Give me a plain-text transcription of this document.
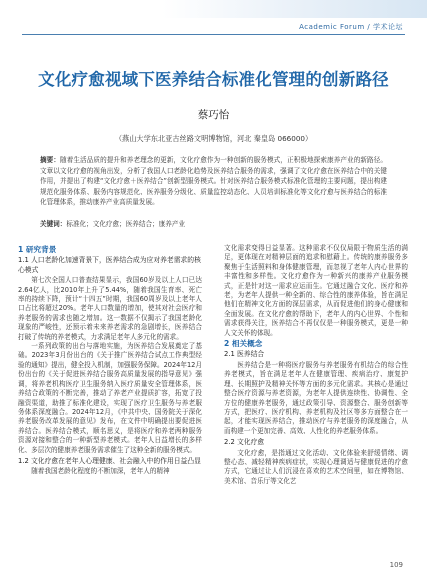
Academic Forum / 学术论坛
文化疗愈视域下医养结合标准化管理的创新路径
蔡巧怡
（燕山大学东北亚古丝路文明博物馆，河北 秦皇岛 066000）

摘要：随着生活品质的提升和养老理念的更新，文化疗愈作为一种创新的服务模式，正积极地探索康养产业的新路径。文章以文化疗愈的视角出发，分析了我国人口老龄化趋势及医养结合服务的需求，强调了文化疗愈在医养结合中的关键作用，并提出了构建“文化疗愈＋医养结合”创新型服务模式。针对医养结合服务模式标准化管理的主要问题，提出构建规范化服务体系、服务内容规范化、医养服务分级化、质量监控动态化、人员培训标准化等文化疗愈与医养结合的标准化管理体系，推动康养产业高质量发展。

关键词：标准化；文化疗愈；医养结合；康养产业
1 研究背景
1.1 人口老龄化加速背景下，医养结合成为应对养老需求的核心模式

第七次全国人口普查结果显示，我国60岁及以上人口已达2.64亿人，比2010年上升了5.44%，随着我国生育率、死亡率的持续下降，预计“十四五”时期，我国60周岁及以上老年人口占比将超过20%。老年人口数量的增加，使其对社会医疗和养老服务的需求也随之增加。这一数据不仅揭示了我国老龄化现象的严峻性，还预示着未来养老需求的急剧增长，医养结合打破了传统的养老模式，力求满足老年人多元化的需求。

一系列政策的出台与落地实施，为医养结合发展奠定了基础。2023年3月份出台的《关于推广医养结合试点工作典型经验的通知》提出，健全投入机制，加强服务保障。2024年12月份出台的《关于促进医养结合服务高质量发展的指导意见》强调，将养老机构医疗卫生服务纳入医疗质量安全管理体系，医养结合政策的不断完善，推动了养老产业提质扩容，拓宽了投融资渠道，助推了标准化建设，实现了医疗卫生服务与养老服务体系深度融合。2024年12月，《中共中央、国务院关于深化养老服务改革发展的意见》发布，在文件中明确提出要促进医养结合。医养结合模式，顺名思义，是将医疗和养老两种服务资源对接和整合的一种新型养老模式。老年人日益增长的多样化、多层次的健康养老服务需求催生了这种全新的服务模式。

1.2 文化疗愈在老年人心理健康、社会融入中的作用日益凸显

随着我国老龄化程度的不断加深，老年人的精神

文化需求变得日益显著。这种需求不仅仅局限于物质生活的满足，更体现在对精神层面的追求和慰藉上。传统的康养服务多聚焦于生活照料和身体健康管理，而忽视了老年人内心世界的丰富性和多样性。文化疗愈作为一种新兴的康养产业服务模式，正是针对这一需求应运而生。它通过融合文化、医疗和养老，为老年人提供一种全新的、综合性的康养体验，旨在满足他们在精神文化方面的深层需求，从而促进他们的身心健康和全面发展。在文化疗愈的帮助下，老年人的内心世界、个性和需求获得关注，医养结合不再仅仅是一种服务模式，更是一种人文关怀的体现。

2 相关概念
2.1 医养结合

医养结合是一种将医疗服务与养老服务有机结合的综合性养老模式，旨在满足老年人在健康管理、疾病治疗、康复护理、长期照护及精神关怀等方面的多元化需求。其核心是通过整合医疗资源与养老资源，为老年人提供连续性、协调性、全方位的健康养老服务，通过政策引导、资源整合、服务创新等方式，把医疗、医疗机构、养老机构及社区等多方面整合在一起，才能实现医养结合，推动医疗与养老服务的深度融合，从而构建一个更加完善、高效、人性化的养老服务体系。

2.2 文化疗愈

文化疗愈，是指通过文化活动、文化体验来舒缓情绪、调整心态、减轻精神疾病症状，实现心理调适与健康促进的疗愈方式，它通过让人们沉浸在喜欢的艺术空间里，如在博物馆、美术馆、音乐厅等文化艺

109
